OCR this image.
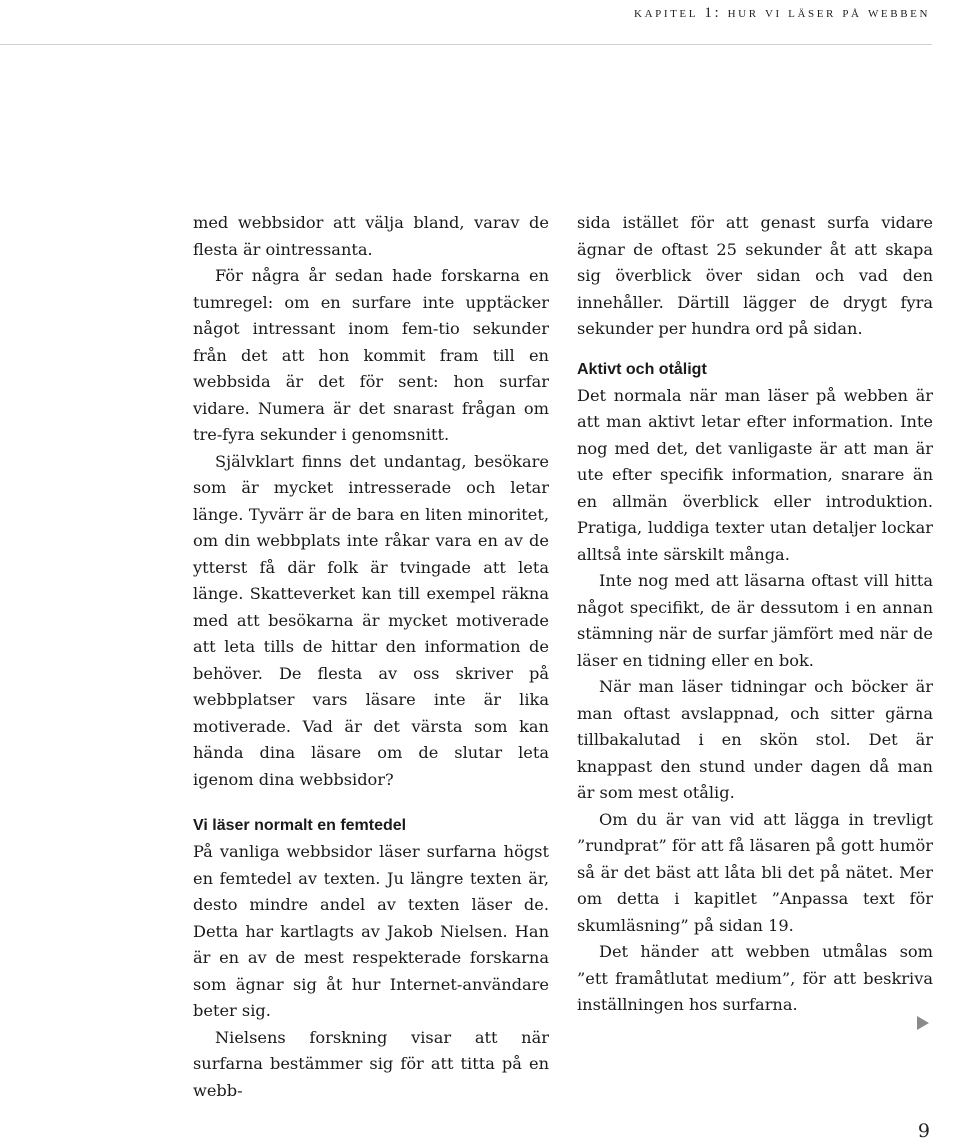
kapitel 1: hur vi läser på webben

med webbsidor att välja bland, varav de flesta är ointressanta.

För några år sedan hade forskarna en tumregel: om en surfare inte upptäcker något intressant inom fem-tio sekunder från det att hon kommit fram till en webbsida är det för sent: hon surfar vidare. Numera är det snarast frågan om tre-fyra sekunder i genomsnitt.

Självklart finns det undantag, besökare som är mycket intresserade och letar länge. Tyvärr är de bara en liten minoritet, om din webbplats inte råkar vara en av de ytterst få där folk är tvingade att leta länge. Skatteverket kan till exempel räkna med att besökarna är mycket motiverade att leta tills de hittar den information de behöver. De flesta av oss skriver på webbplatser vars läsare inte är lika motiverade. Vad är det värsta som kan hända dina läsare om de slutar leta igenom dina webbsidor?

Vi läser normalt en femtedel

På vanliga webbsidor läser surfarna högst en femtedel av texten. Ju längre texten är, desto mindre andel av texten läser de. Detta har kartlagts av Jakob Nielsen. Han är en av de mest respekterade forskarna som ägnar sig åt hur Internet-användare beter sig.

Nielsens forskning visar att när surfarna bestämmer sig för att titta på en webb-

sida istället för att genast surfa vidare ägnar de oftast 25 sekunder åt att skapa sig överblick över sidan och vad den innehåller. Därtill lägger de drygt fyra sekunder per hundra ord på sidan.

Aktivt och otåligt

Det normala när man läser på webben är att man aktivt letar efter information. Inte nog med det, det vanligaste är att man är ute efter specifik information, snarare än en allmän överblick eller introduktion. Pratiga, luddiga texter utan detaljer lockar alltså inte särskilt många.

Inte nog med att läsarna oftast vill hitta något specifikt, de är dessutom i en annan stämning när de surfar jämfört med när de läser en tidning eller en bok.

När man läser tidningar och böcker är man oftast avslappnad, och sitter gärna tillbakalutad i en skön stol. Det är knappast den stund under dagen då man är som mest otålig.

Om du är van vid att lägga in trevligt ”rundprat” för att få läsaren på gott humör så är det bäst att låta bli det på nätet. Mer om detta i kapitlet ”Anpassa text för skumläsning” på sidan 19.

Det händer att webben utmålas som ”ett framåtlutat medium”, för att beskriva inställningen hos surfarna.

9
